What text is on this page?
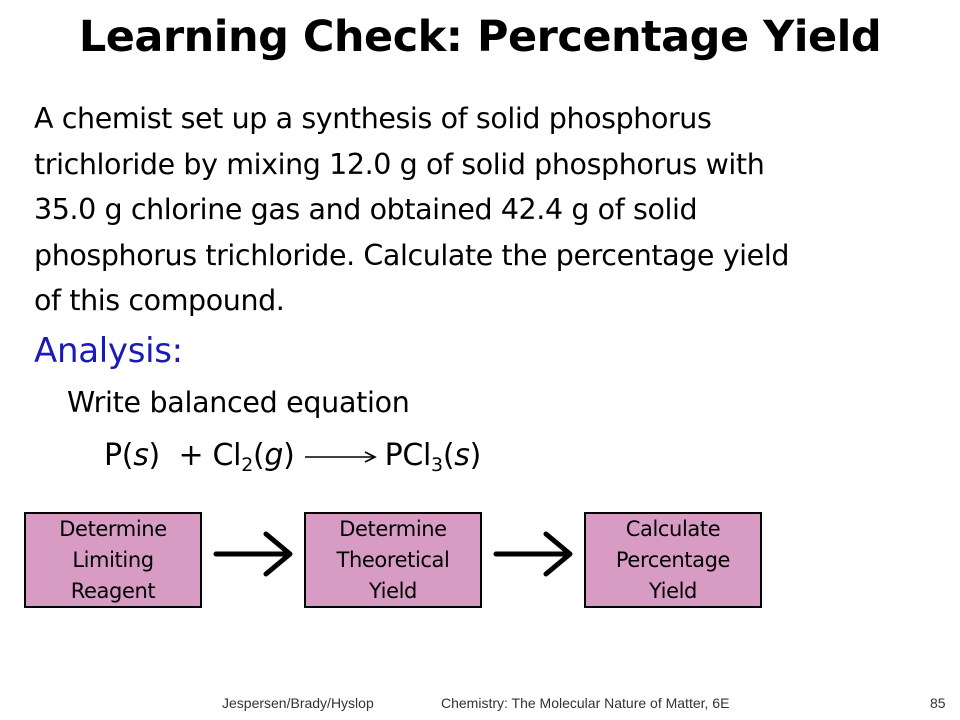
Learning Check: Percentage Yield
A chemist set up a synthesis of solid phosphorus
trichloride by mixing 12.0 g of solid phosphorus with
35.0 g chlorine gas and obtained 42.4 g of solid
phosphorus trichloride. Calculate the percentage yield
of this compound.
Analysis:
Write balanced equation
$P(s) + Cl_2(g) \to PCl_3(s)$
Determine
Limiting
Reagent
Determine
Theoretical
Yield
Calculate
Percentage
Yield
Jespersen/Brady/Hyslop	Chemistry: The Molecular Nature of Matter, 6E	85
